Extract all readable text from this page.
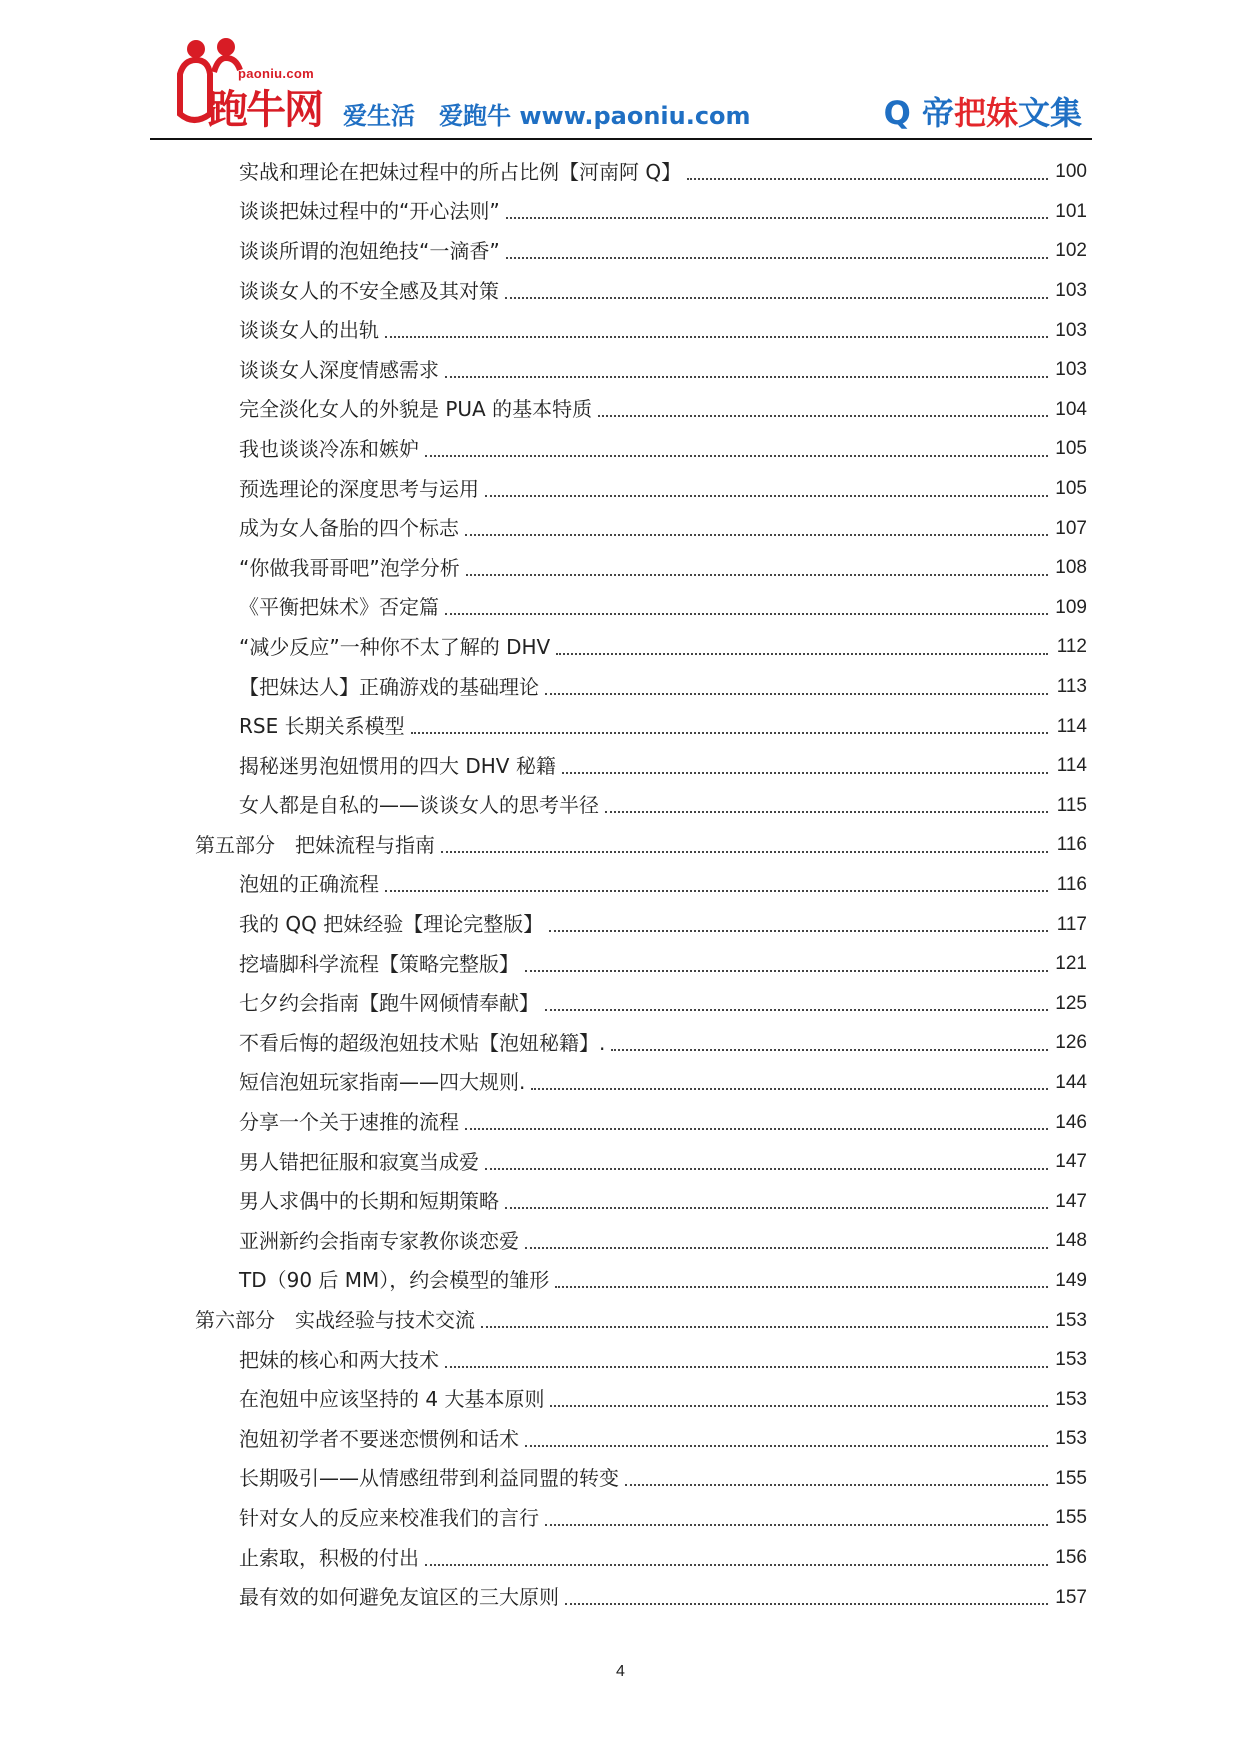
paoniu.com
跑牛网 爱生活 爱跑牛 www.paoniu.com	Q 帝把妹文集
实战和理论在把妹过程中的所占比例【河南阿 Q】	100
谈谈把妹过程中的“开心法则”	101
谈谈所谓的泡妞绝技“一滴香”	102
谈谈女人的不安全感及其对策	103
谈谈女人的出轨	103
谈谈女人深度情感需求	103
完全淡化女人的外貌是 PUA 的基本特质	104
我也谈谈冷冻和嫉妒	105
预选理论的深度思考与运用	105
成为女人备胎的四个标志	107
“你做我哥哥吧”泡学分析	108
《平衡把妹术》否定篇	109
“减少反应”一种你不太了解的 DHV	112
【把妹达人】正确游戏的基础理论	113
RSE 长期关系模型	114
揭秘迷男泡妞惯用的四大 DHV 秘籍	114
女人都是自私的——谈谈女人的思考半径	115
第五部分　把妹流程与指南	116
泡妞的正确流程	116
我的 QQ 把妹经验【理论完整版】	117
挖墙脚科学流程【策略完整版】	121
七夕约会指南【跑牛网倾情奉献】	125
不看后悔的超级泡妞技术贴【泡妞秘籍】.	126
短信泡妞玩家指南——四大规则.	144
分享一个关于速推的流程	146
男人错把征服和寂寞当成爱	147
男人求偶中的长期和短期策略	147
亚洲新约会指南专家教你谈恋爱	148
TD（90 后 MM），约会模型的雏形	149
第六部分　实战经验与技术交流	153
把妹的核心和两大技术	153
在泡妞中应该坚持的 4 大基本原则	153
泡妞初学者不要迷恋惯例和话术	153
长期吸引——从情感纽带到利益同盟的转变	155
针对女人的反应来校准我们的言行	155
止索取，积极的付出	156
最有效的如何避免友谊区的三大原则	157
4
